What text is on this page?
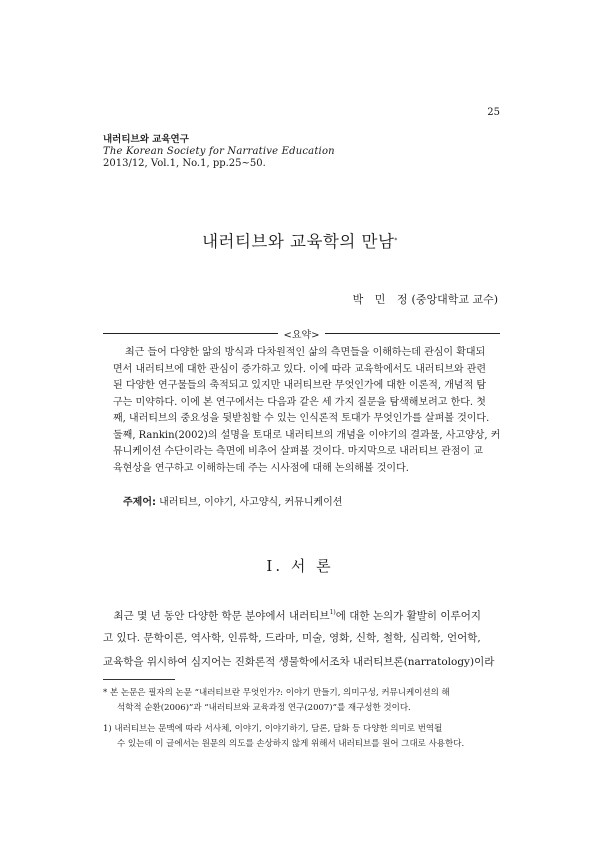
25
내러티브와 교육연구
The Korean Society for Narrative Education
2013/12, Vol.1, No.1, pp.25~50.
내러티브와 교육학의 만남*
박 민 정(중앙대학교 교수)
<요약>
최근 들어 다양한 앎의 방식과 다차원적인 삶의 측면들을 이해하는데 관심이 확대되
면서 내러티브에 대한 관심이 증가하고 있다. 이에 따라 교육학에서도 내러티브와 관련
된 다양한 연구물들의 축적되고 있지만 내러티브란 무엇인가에 대한 이론적, 개념적 탐
구는 미약하다. 이에 본 연구에서는 다음과 같은 세 가지 질문을 탐색해보려고 한다. 첫
째, 내러티브의 중요성을 뒷받침할 수 있는 인식론적 토대가 무엇인가를 살펴볼 것이다.
둘째, Rankin(2002)의 설명을 토대로 내러티브의 개념을 이야기의 결과물, 사고양상, 커
뮤니케이션 수단이라는 측면에 비추어 살펴볼 것이다. 마지막으로 내러티브 관점이 교
육현상을 연구하고 이해하는데 주는 시사점에 대해 논의해볼 것이다.
주제어: 내러티브, 이야기, 사고양식, 커뮤니케이션
Ⅰ. 서 론
　최근 몇 년 동안 다양한 학문 분야에서 내러티브$^{1)}$에 대한 논의가 활발히 이루어지
고 있다. 문학이론, 역사학, 인류학, 드라마, 미술, 영화, 신학, 철학, 심리학, 언어학,
교육학을 위시하여 심지어는 진화론적 생물학에서조차 내러티브론(narratology)이라
* 본 논문은 필자의 논문 “내러티브란 무엇인가?: 이야기 만들기, 의미구성, 커뮤니케이션의 해
석학적 순환(2006)”과 “내러티브와 교육과정 연구(2007)”를 재구성한 것이다.
1) 내러티브는 문맥에 따라 서사체, 이야기, 이야기하기, 담론, 담화 등 다양한 의미로 번역될
수 있는데 이 글에서는 원문의 의도를 손상하지 않게 위해서 내러티브를 원어 그대로 사용한다.
